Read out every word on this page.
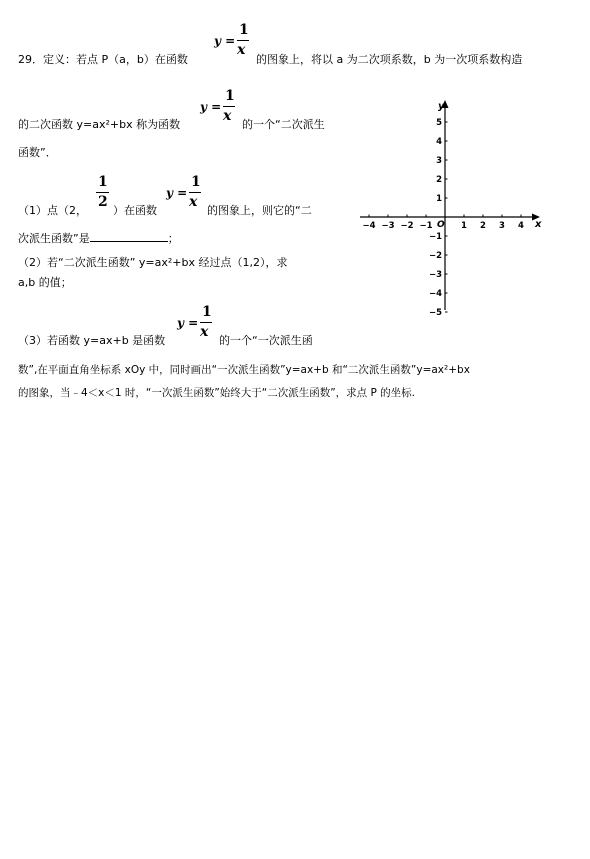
29．定义：若点 P（a，b）在函数
y =
1
x
的图象上，将以 a 为二次项系数，b 为一次项系数构造
的二次函数 y=ax²+bx 称为函数
y =
1
x
的一个“二次派生
函数”．
（1）点（2，
1
2
）在函数
y =
1
x
的图象上，则它的“二
次派生函数”是	；
（2）若“二次派生函数” y=ax²+bx 经过点（1,2），求
a,b 的值；
（3）若函数 y=ax+b 是函数
y =
1
x
的一个“一次派生函
数”,在平面直角坐标系 xOy 中，同时画出“一次派生函数”y=ax+b 和“二次派生函数”y=ax²+bx
的图象，当﹣4＜x＜1 时，“一次派生函数”始终大于“二次派生函数”，求点 P 的坐标.
x
y
O
−4 −3 −2 −1	1 2 3 4
5
4
3
2
1
−1
−2
−3
−4
−5
